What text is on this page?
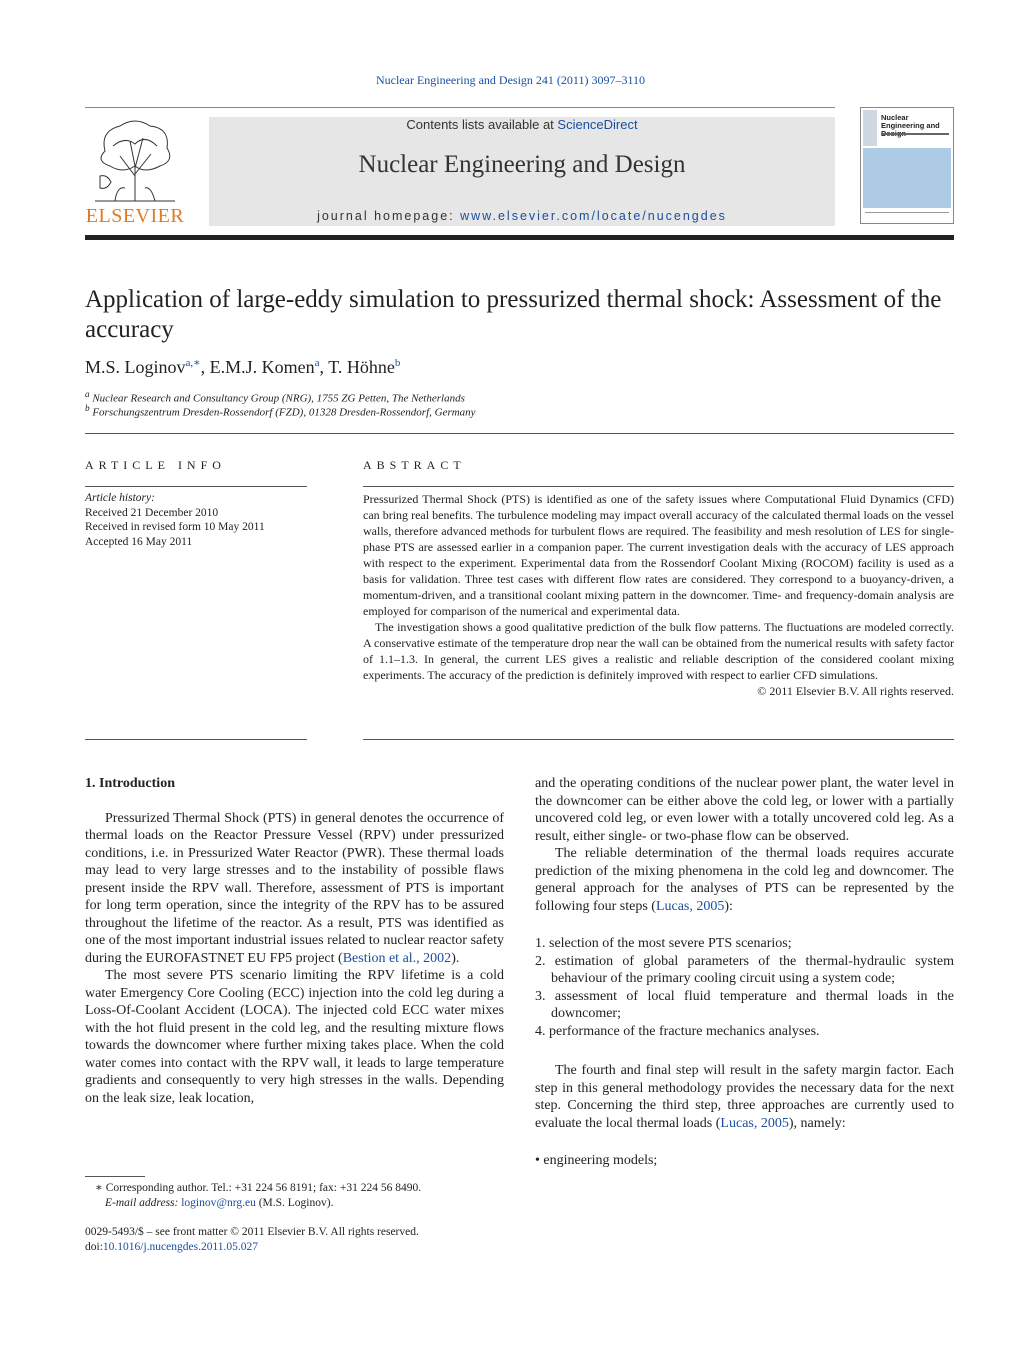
Nuclear Engineering and Design 241 (2011) 3097–3110
ELSEVIER
Contents lists available at ScienceDirect
Nuclear Engineering and Design
journal homepage: www.elsevier.com/locate/nucengdes
Nuclear Engineering and
Application of large-eddy simulation to pressurized thermal shock: Assessment of the accuracy
M.S. Loginov$^{a,∗}$, E.M.J. Komen$^a$, T. Höhne$^b$
$^a$ Nuclear Research and Consultancy Group (NRG), 1755 ZG Petten, The Netherlands
$^b$ Forschungszentrum Dresden-Rossendorf (FZD), 01328 Dresden-Rossendorf, Germany
ARTICLE INFO
Article history:
Received 21 December 2010
Received in revised form 10 May 2011
Accepted 16 May 2011
ABSTRACT

Pressurized Thermal Shock (PTS) is identified as one of the safety issues where Computational Fluid Dynamics (CFD) can bring real benefits. The turbulence modeling may impact overall accuracy of the calculated thermal loads on the vessel walls, therefore advanced methods for turbulent flows are required. The feasibility and mesh resolution of LES for single-phase PTS are assessed earlier in a companion paper. The current investigation deals with the accuracy of LES approach with respect to the experiment. Experimental data from the Rossendorf Coolant Mixing (ROCOM) facility is used as a basis for validation. Three test cases with different flow rates are considered. They correspond to a buoyancy-driven, a momentum-driven, and a transitional coolant mixing pattern in the downcomer. Time- and frequency-domain analysis are employed for comparison of the numerical and experimental data.

The investigation shows a good qualitative prediction of the bulk flow patterns. The fluctuations are modeled correctly. A conservative estimate of the temperature drop near the wall can be obtained from the numerical results with safety factor of 1.1–1.3. In general, the current LES gives a realistic and reliable description of the considered coolant mixing experiments. The accuracy of the prediction is definitely improved with respect to earlier CFD simulations.

© 2011 Elsevier B.V. All rights reserved.

1. Introduction

Pressurized Thermal Shock (PTS) in general denotes the occurrence of thermal loads on the Reactor Pressure Vessel (RPV) under pressurized conditions, i.e. in Pressurized Water Reactor (PWR). These thermal loads may lead to very large stresses and to the instability of possible flaws present inside the RPV wall. Therefore, assessment of PTS is important for long term operation, since the integrity of the RPV has to be assured throughout the lifetime of the reactor. As a result, PTS was identified as one of the most important industrial issues related to nuclear reactor safety during the EUROFASTNET EU FP5 project (Bestion et al., 2002).

The most severe PTS scenario limiting the RPV lifetime is a cold water Emergency Core Cooling (ECC) injection into the cold leg during a Loss-Of-Coolant Accident (LOCA). The injected cold ECC water mixes with the hot fluid present in the cold leg, and the resulting mixture flows towards the downcomer where further mixing takes place. When the cold water comes into contact with the RPV wall, it leads to large temperature gradients and consequently to very high stresses in the walls. Depending on the leak size, leak location,

and the operating conditions of the nuclear power plant, the water level in the downcomer can be either above the cold leg, or lower with a partially uncovered cold leg, or even lower with a totally uncovered cold leg. As a result, either single- or two-phase flow can be observed.

The reliable determination of the thermal loads requires accurate prediction of the mixing phenomena in the cold leg and downcomer. The general approach for the analyses of PTS can be represented by the following four steps (Lucas, 2005):

1. selection of the most severe PTS scenarios;
2. estimation of global parameters of the thermal-hydraulic system behaviour of the primary cooling circuit using a system code;
3. assessment of local fluid temperature and thermal loads in the downcomer;
4. performance of the fracture mechanics analyses.

The fourth and final step will result in the safety margin factor. Each step in this general methodology provides the necessary data for the next step. Concerning the third step, three approaches are currently used to evaluate the local thermal loads (Lucas, 2005), namely:

• engineering models;
∗ Corresponding author. Tel.: +31 224 56 8191; fax: +31 224 56 8490.
E-mail address: loginov@nrg.eu (M.S. Loginov).
0029-5493/$ – see front matter © 2011 Elsevier B.V. All rights reserved.
doi:10.1016/j.nucengdes.2011.05.027
